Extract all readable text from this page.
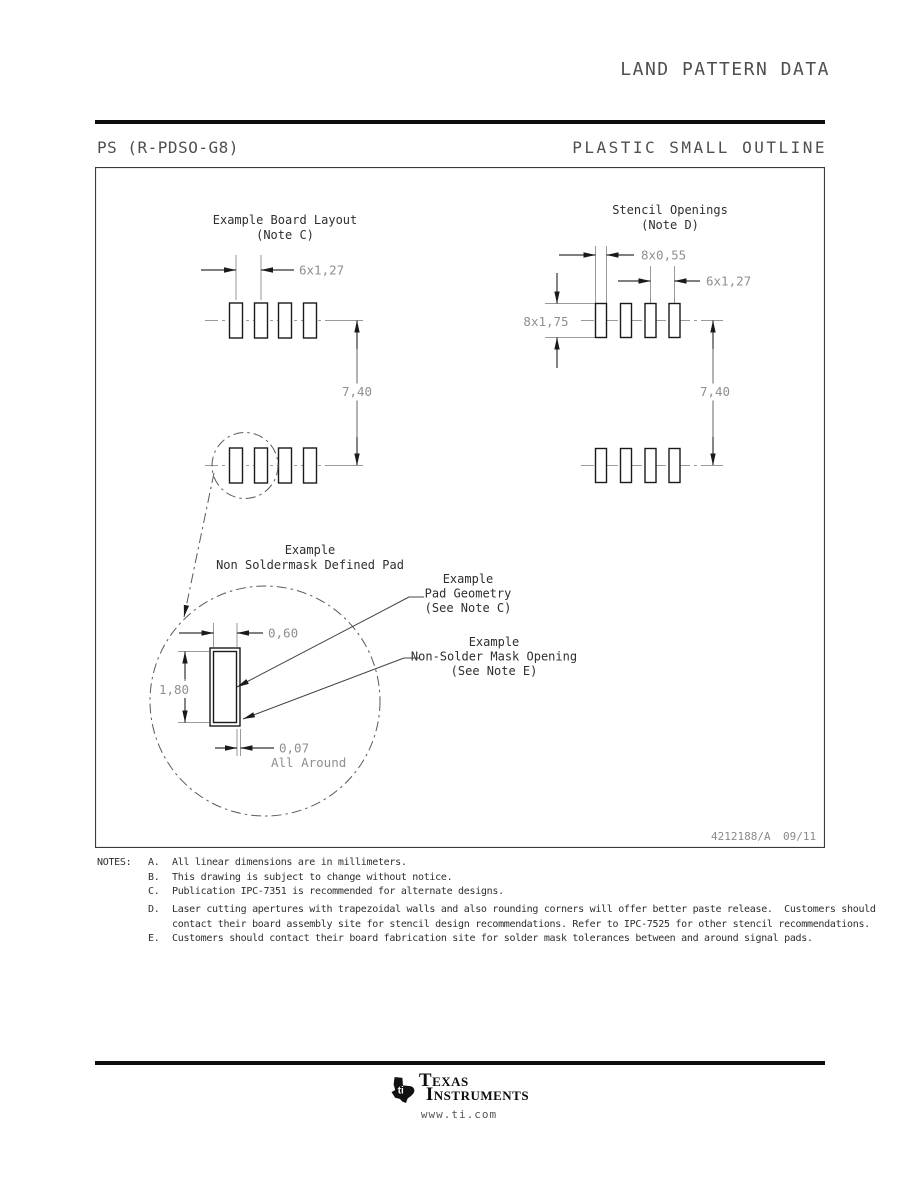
LAND PATTERN DATA
PS (R-PDSO-G8)	PLASTIC SMALL OUTLINE
Example Board Layout
(Note C)
6x1,27
7,40
Stencil Openings
(Note D)
8x0,55
6x1,27
8x1,75
7,40
Example
Non Soldermask Defined Pad
0,60
1,80
0,07
All Around
Example
Pad Geometry
(See Note C)
Example
Non-Solder Mask Opening
(See Note E)
4212188/A 09/11
NOTES: A.	All linear dimensions are in millimeters.
B.	This drawing is subject to change without notice.
C.	Publication IPC-7351 is recommended for alternate designs.
D.	Laser cutting apertures with trapezoidal walls and also rounding corners will offer better paste release.  Customers should
contact their board assembly site for stencil design recommendations. Refer to IPC-7525 for other stencil recommendations.
E.	Customers should contact their board fabrication site for solder mask tolerances between and around signal pads.
ti
Texas
Instruments
www.ti.com
